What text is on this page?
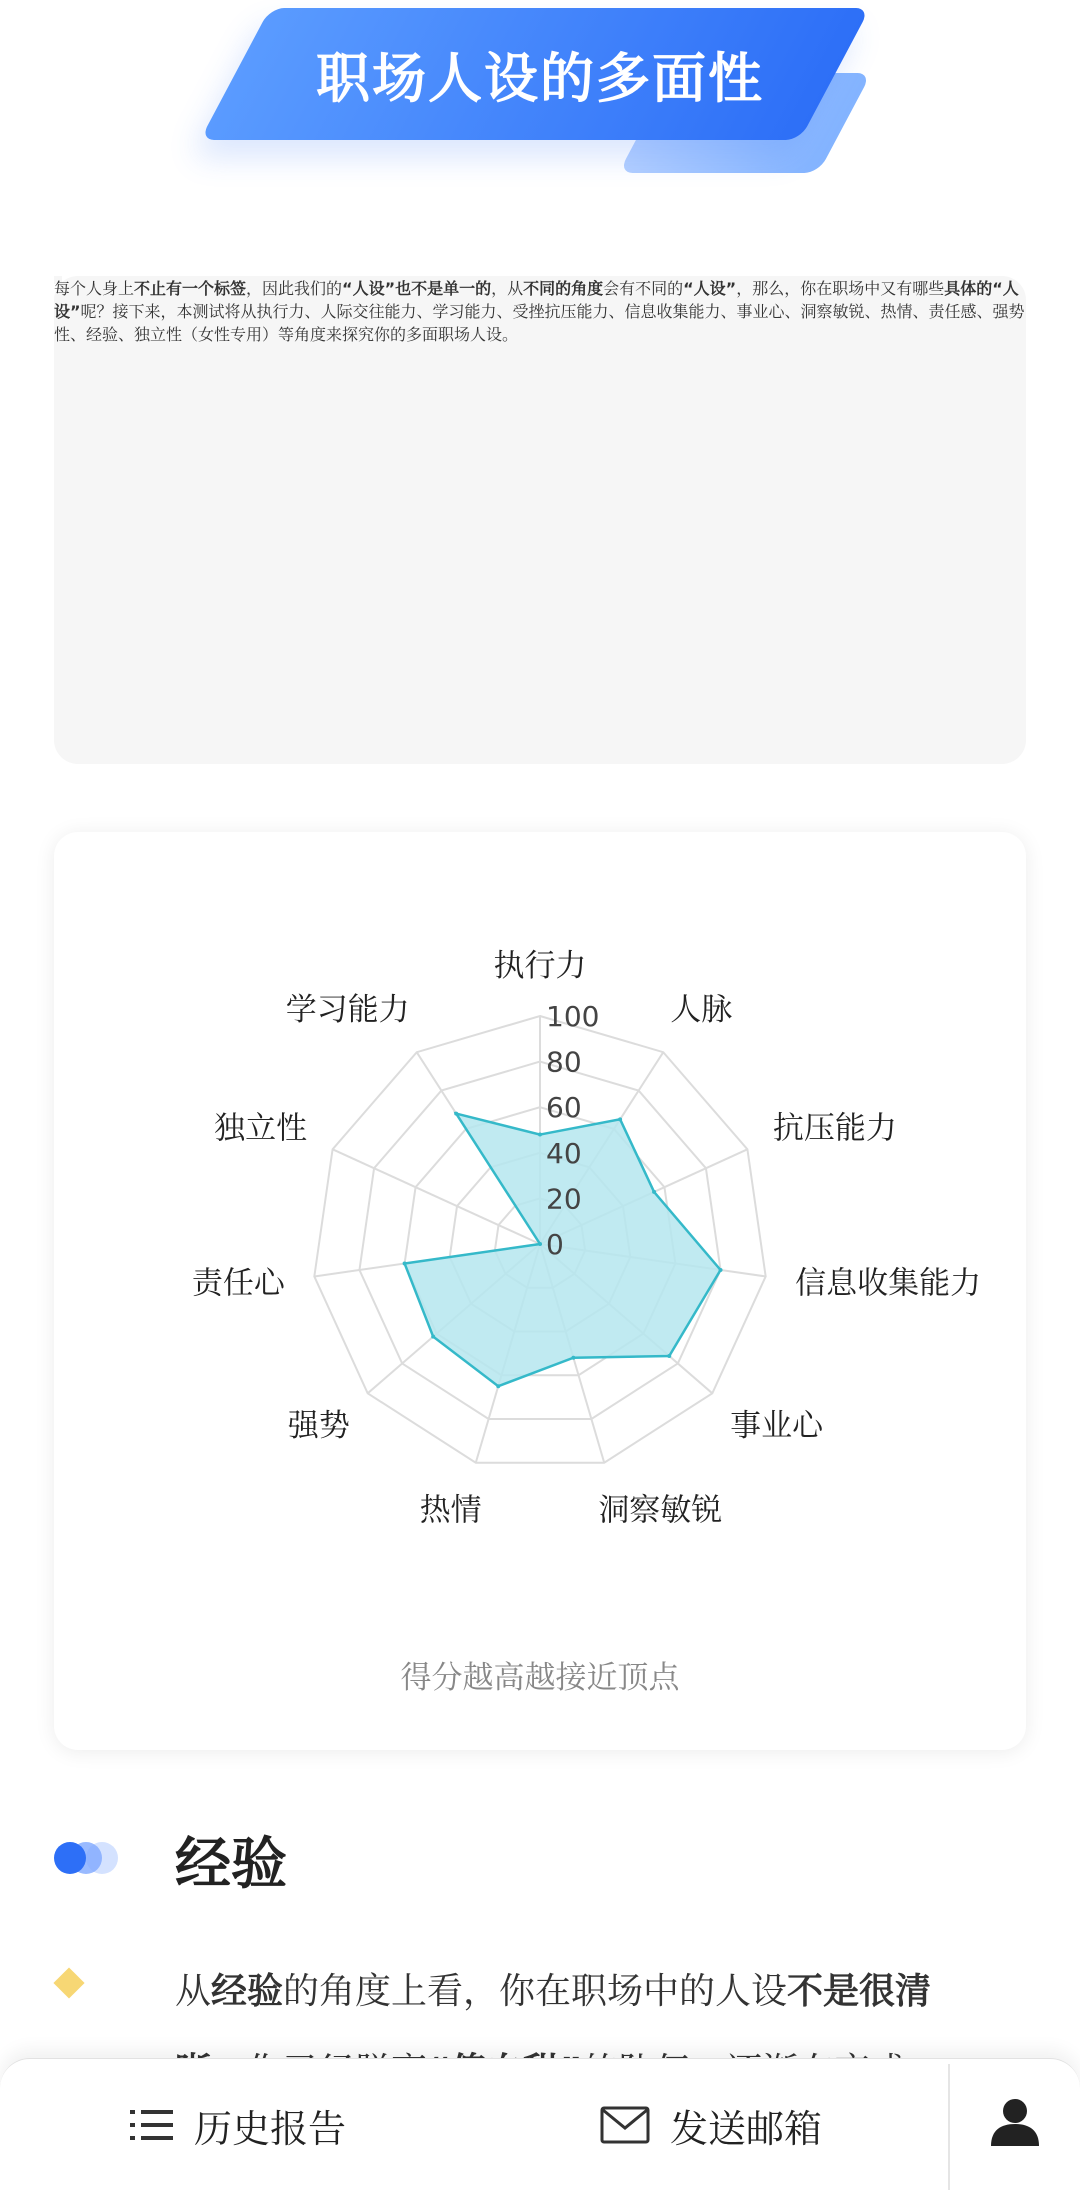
职场人设的多面性
每个人身上不止有一个标签，因此我们的“人设”也不是单一的，从不同的角度会有不同的“人设”，那么，你在职场中又有哪些具体的“人设”呢？接下来，本测试将从执行力、人际交往能力、学习能力、受挫抗压能力、信息收集能力、事业心、洞察敏锐、热情、责任感、强势性、经验、独立性（女性专用）等角度来探究你的多面职场人设。
0
20
40
60
80
100
执行力
人脉
抗压能力
信息收集能力
事业心
洞察敏锐
热情
强势
责任心
独立性
学习能力
得分越高越接近顶点
经验
从经验的角度上看，你在职场中的人设不是很清
历史报告	发送邮箱
